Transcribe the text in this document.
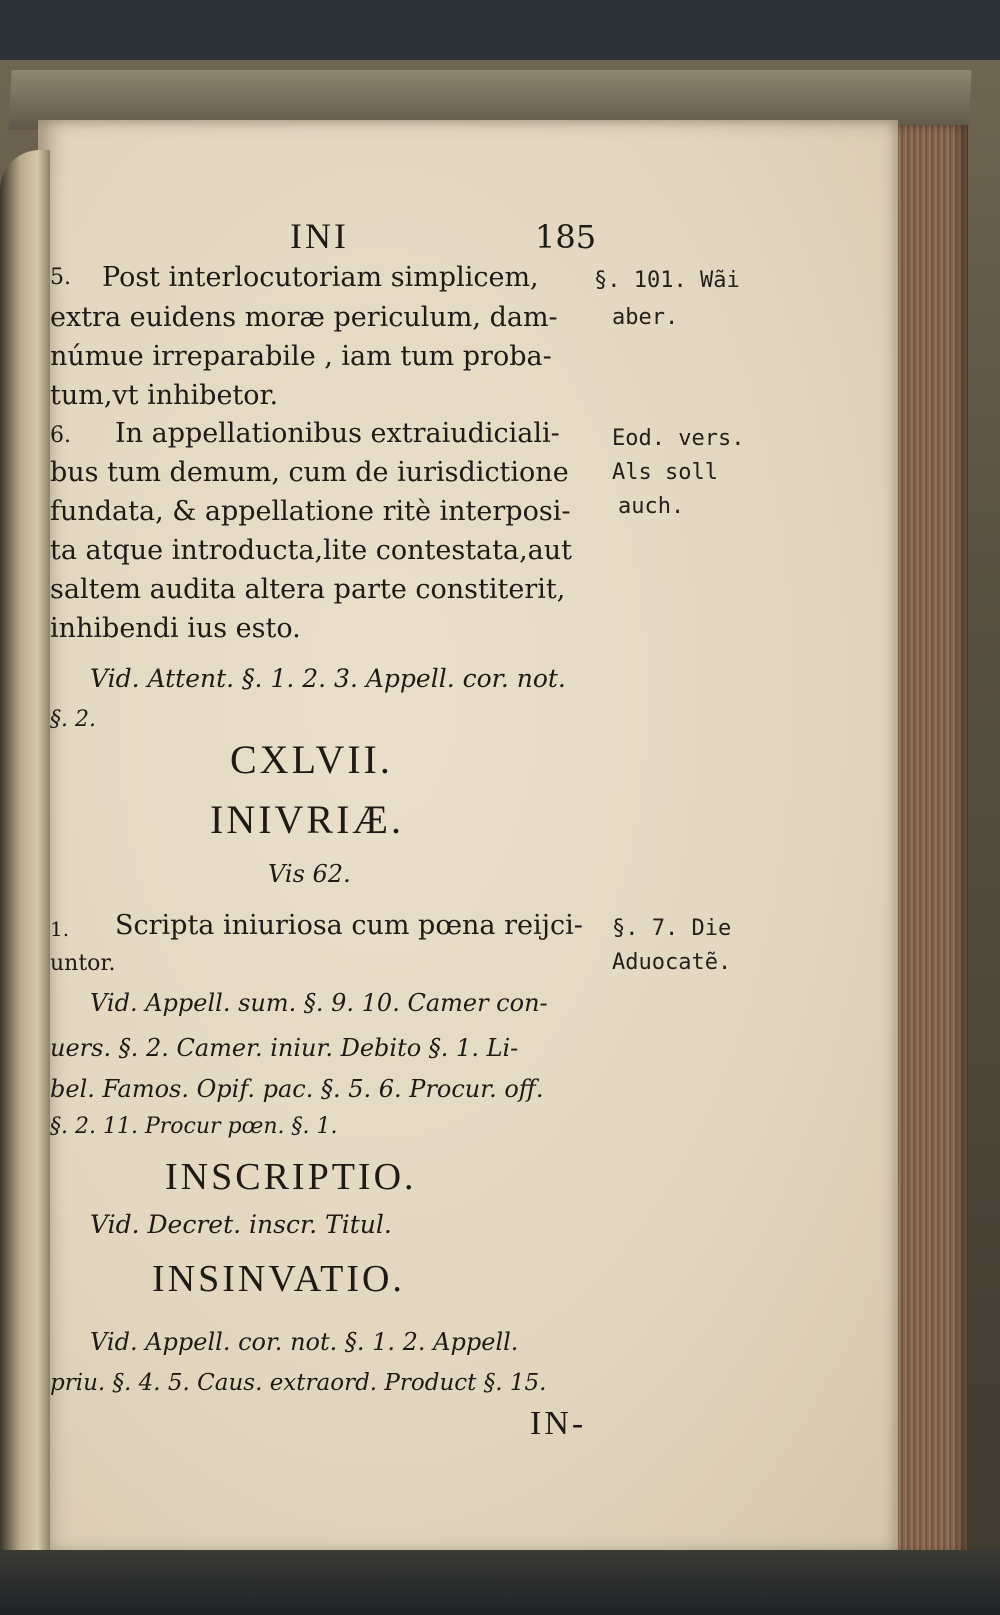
INI	185
5. Post interlocutoriam simplicem,
extra euidens moræ periculum, dam-
númue irreparabile , iam tum proba-
tum,vt inhibetor.
§. 101. Wãi
aber.
6. In appellationibus extraiudiciali-
bus tum demum, cum de iurisdictione
fundata, & appellatione ritè interposi-
ta atque introducta,lite contestata,aut
saltem audita altera parte constiterit,
inhibendi ius esto.
Eod. vers.
Als soll
auch.
Vid. Attent. §. 1. 2. 3. Appell. cor. not.
§. 2.
CXLVII.
INIVRIÆ.
Vis 62.
1. Scripta iniuriosa cum pœna reijci-
untor.
§. 7. Die
Aduocatẽ.
Vid. Appell. sum. §. 9. 10. Camer con-
uers. §. 2. Camer. iniur. Debito §. 1. Li-
bel. Famos. Opif. pac. §. 5. 6. Procur. off.
§. 2. 11. Procur pœn. §. 1.
INSCRIPTIO.
Vid. Decret. inscr. Titul.
INSINVATIO.
Vid. Appell. cor. not. §. 1. 2. Appell.
priu. §. 4. 5. Caus. extraord. Product §. 15.
IN-
